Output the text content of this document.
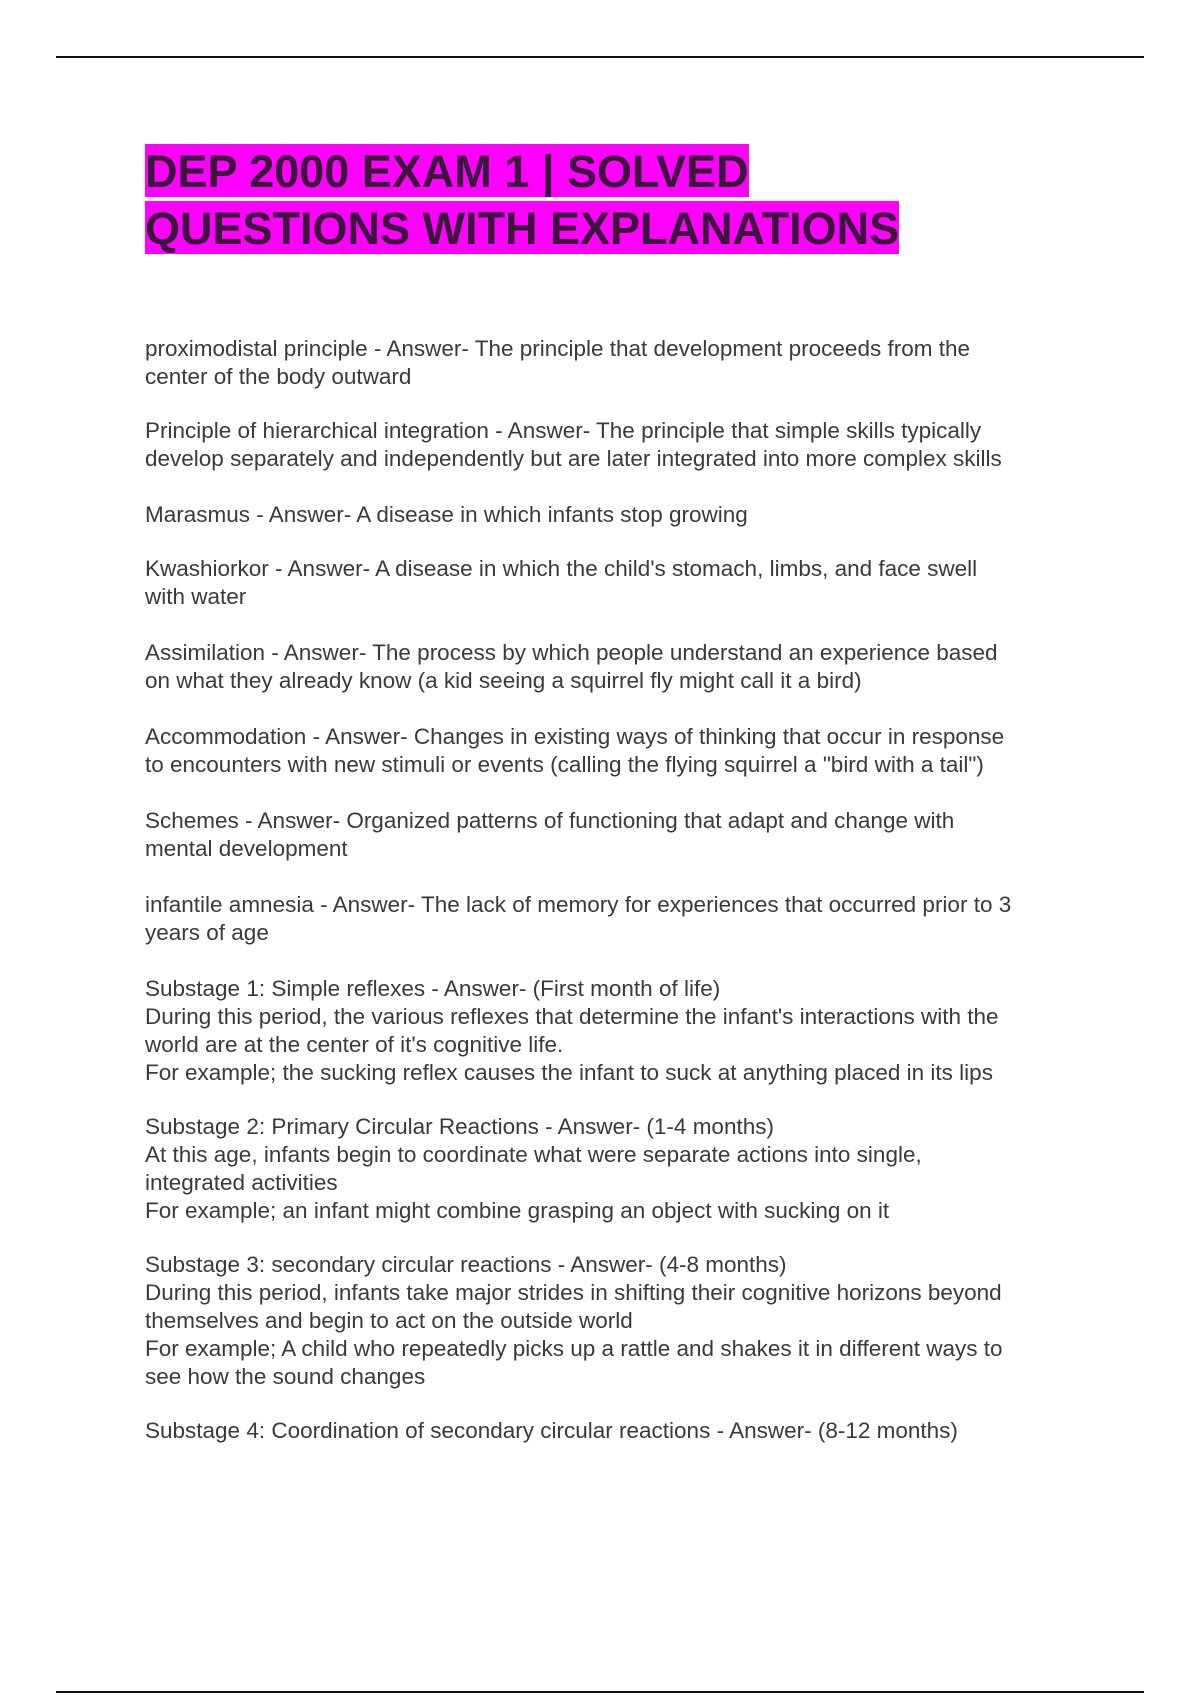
DEP 2000 EXAM 1 | SOLVED
QUESTIONS WITH EXPLANATIONS

proximodistal principle - Answer- The principle that development proceeds from the
center of the body outward

Principle of hierarchical integration - Answer- The principle that simple skills typically
develop separately and independently but are later integrated into more complex skills

Marasmus - Answer- A disease in which infants stop growing

Kwashiorkor - Answer- A disease in which the child's stomach, limbs, and face swell
with water

Assimilation - Answer- The process by which people understand an experience based
on what they already know (a kid seeing a squirrel fly might call it a bird)

Accommodation - Answer- Changes in existing ways of thinking that occur in response
to encounters with new stimuli or events (calling the flying squirrel a "bird with a tail")

Schemes - Answer- Organized patterns of functioning that adapt and change with
mental development

infantile amnesia - Answer- The lack of memory for experiences that occurred prior to 3
years of age

Substage 1: Simple reflexes - Answer- (First month of life)
During this period, the various reflexes that determine the infant's interactions with the
world are at the center of it's cognitive life.
For example; the sucking reflex causes the infant to suck at anything placed in its lips

Substage 2: Primary Circular Reactions - Answer- (1-4 months)
At this age, infants begin to coordinate what were separate actions into single,
integrated activities
For example; an infant might combine grasping an object with sucking on it

Substage 3: secondary circular reactions - Answer- (4-8 months)
During this period, infants take major strides in shifting their cognitive horizons beyond
themselves and begin to act on the outside world
For example; A child who repeatedly picks up a rattle and shakes it in different ways to
see how the sound changes

Substage 4: Coordination of secondary circular reactions - Answer- (8-12 months)
